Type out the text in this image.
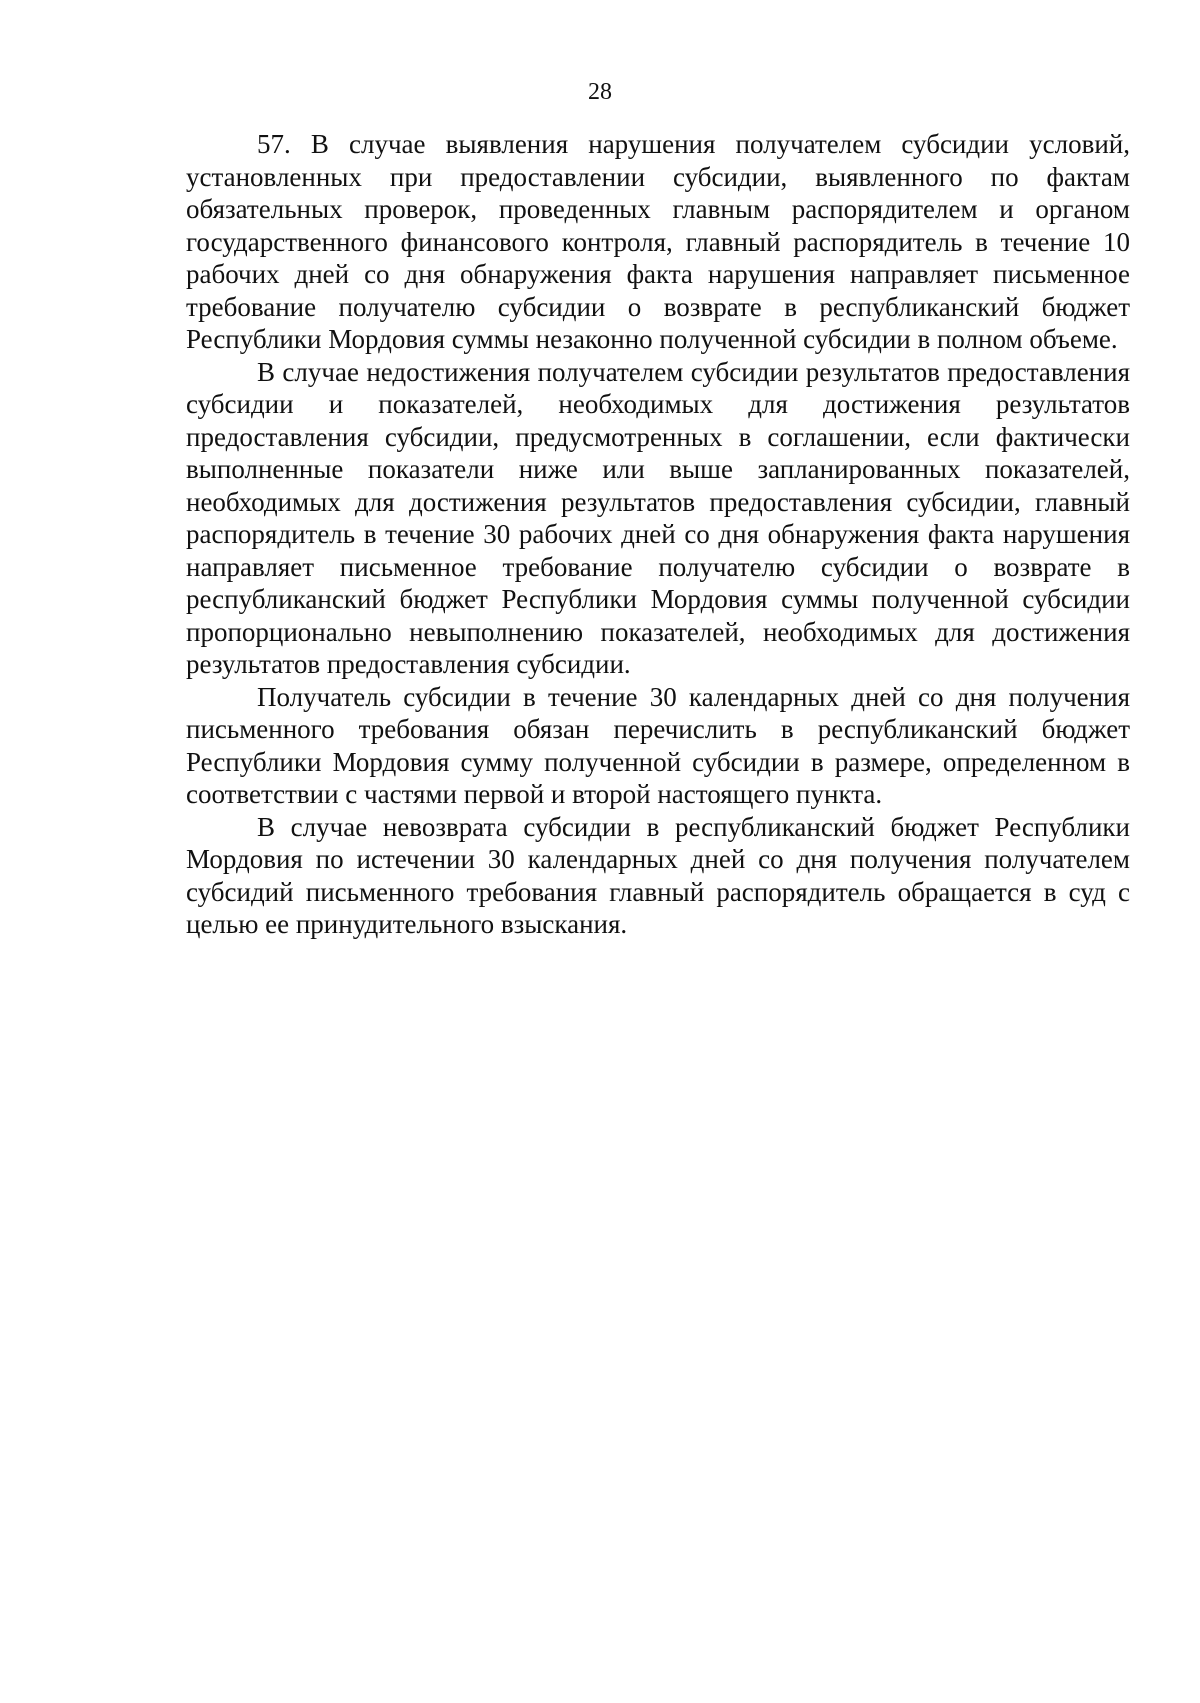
28

57. В случае выявления нарушения получателем субсидии условий, установленных при предоставлении субсидии, выявленного по фактам обязательных проверок, проведенных главным распорядителем и органом государственного финансового контроля, главный распорядитель в течение 10 рабочих дней со дня обнаружения факта нарушения направляет письменное требование получателю субсидии о возврате в республиканский бюджет Республики Мордовия суммы незаконно полученной субсидии в полном объеме.

В случае недостижения получателем субсидии результатов предоставления субсидии и показателей, необходимых для достижения результатов предоставления субсидии, предусмотренных в соглашении, если фактически выполненные показатели ниже или выше запланированных показателей, необходимых для достижения результатов предоставления субсидии, главный распорядитель в течение 30 рабочих дней со дня обнаружения факта нарушения направляет письменное требование получателю субсидии о возврате в республиканский бюджет Республики Мордовия суммы полученной субсидии пропорционально невыполнению показателей, необходимых для достижения результатов предоставления субсидии.

Получатель субсидии в течение 30 календарных дней со дня получения письменного требования обязан перечислить в республиканский бюджет Республики Мордовия сумму полученной субсидии в размере, определенном в соответствии с частями первой и второй настоящего пункта.

В случае невозврата субсидии в республиканский бюджет Республики Мордовия по истечении 30 календарных дней со дня получения получателем субсидий письменного требования главный распорядитель обращается в суд с целью ее принудительного взыскания.
